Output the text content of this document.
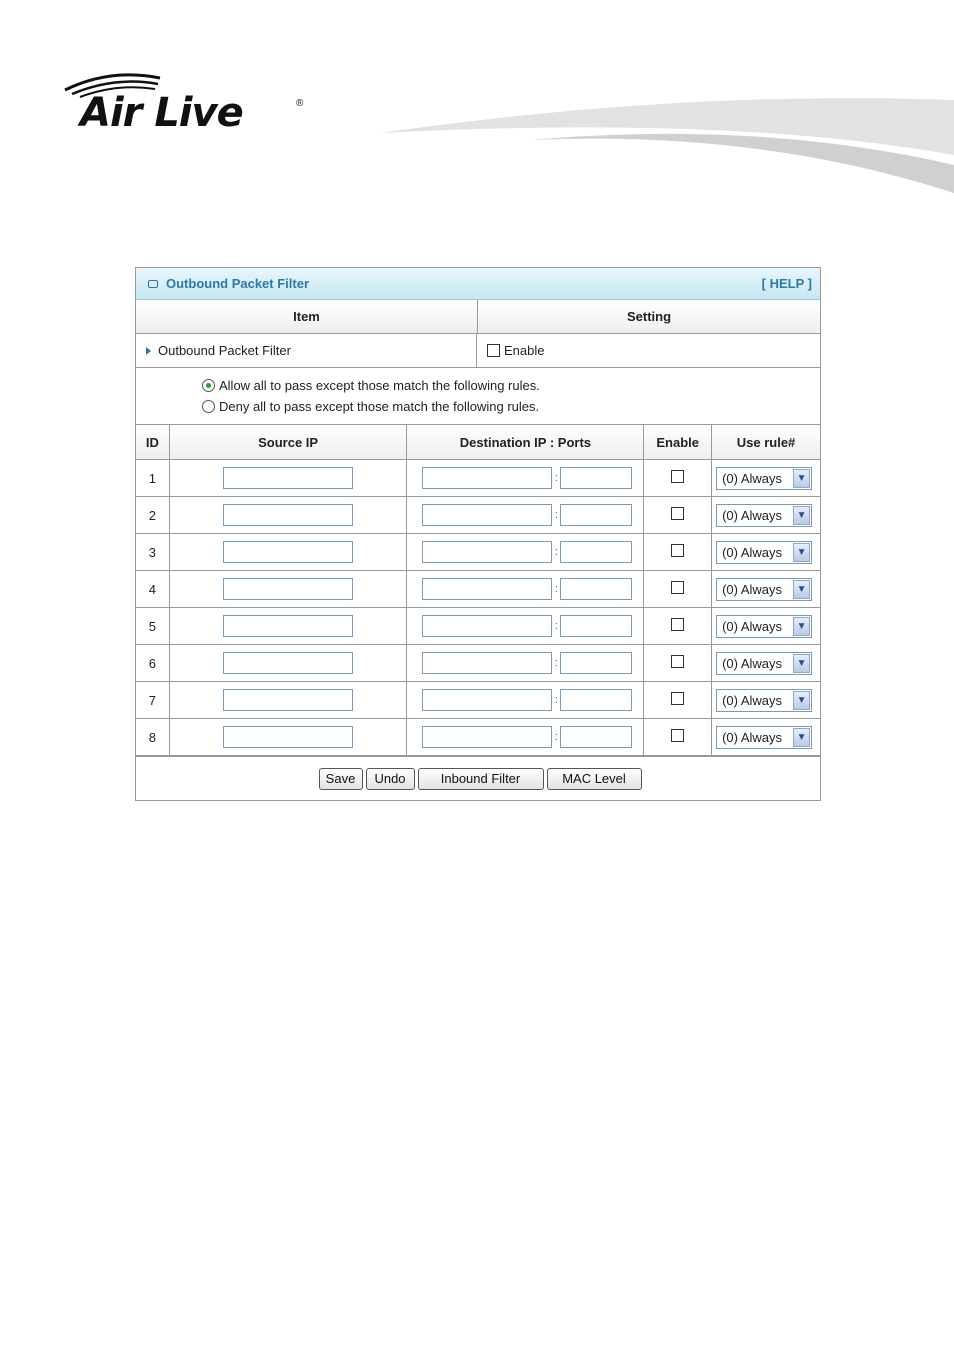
Air Live	®
Outbound Packet Filter	[ HELP ]
Item	Setting
Outbound Packet Filter	Enable
Allow all to pass except those match the following rules.
Deny all to pass except those match the following rules.
ID	Source IP	Destination IP : Ports	Enable	Use rule#
1		:		(0) Always ▼

2		:		(0) Always ▼

3		:		(0) Always ▼

4		:		(0) Always ▼

5		:		(0) Always ▼

6		:		(0) Always ▼

7		:		(0) Always ▼

8		:		(0) Always ▼
Save	Undo	Inbound Filter	MAC Level
